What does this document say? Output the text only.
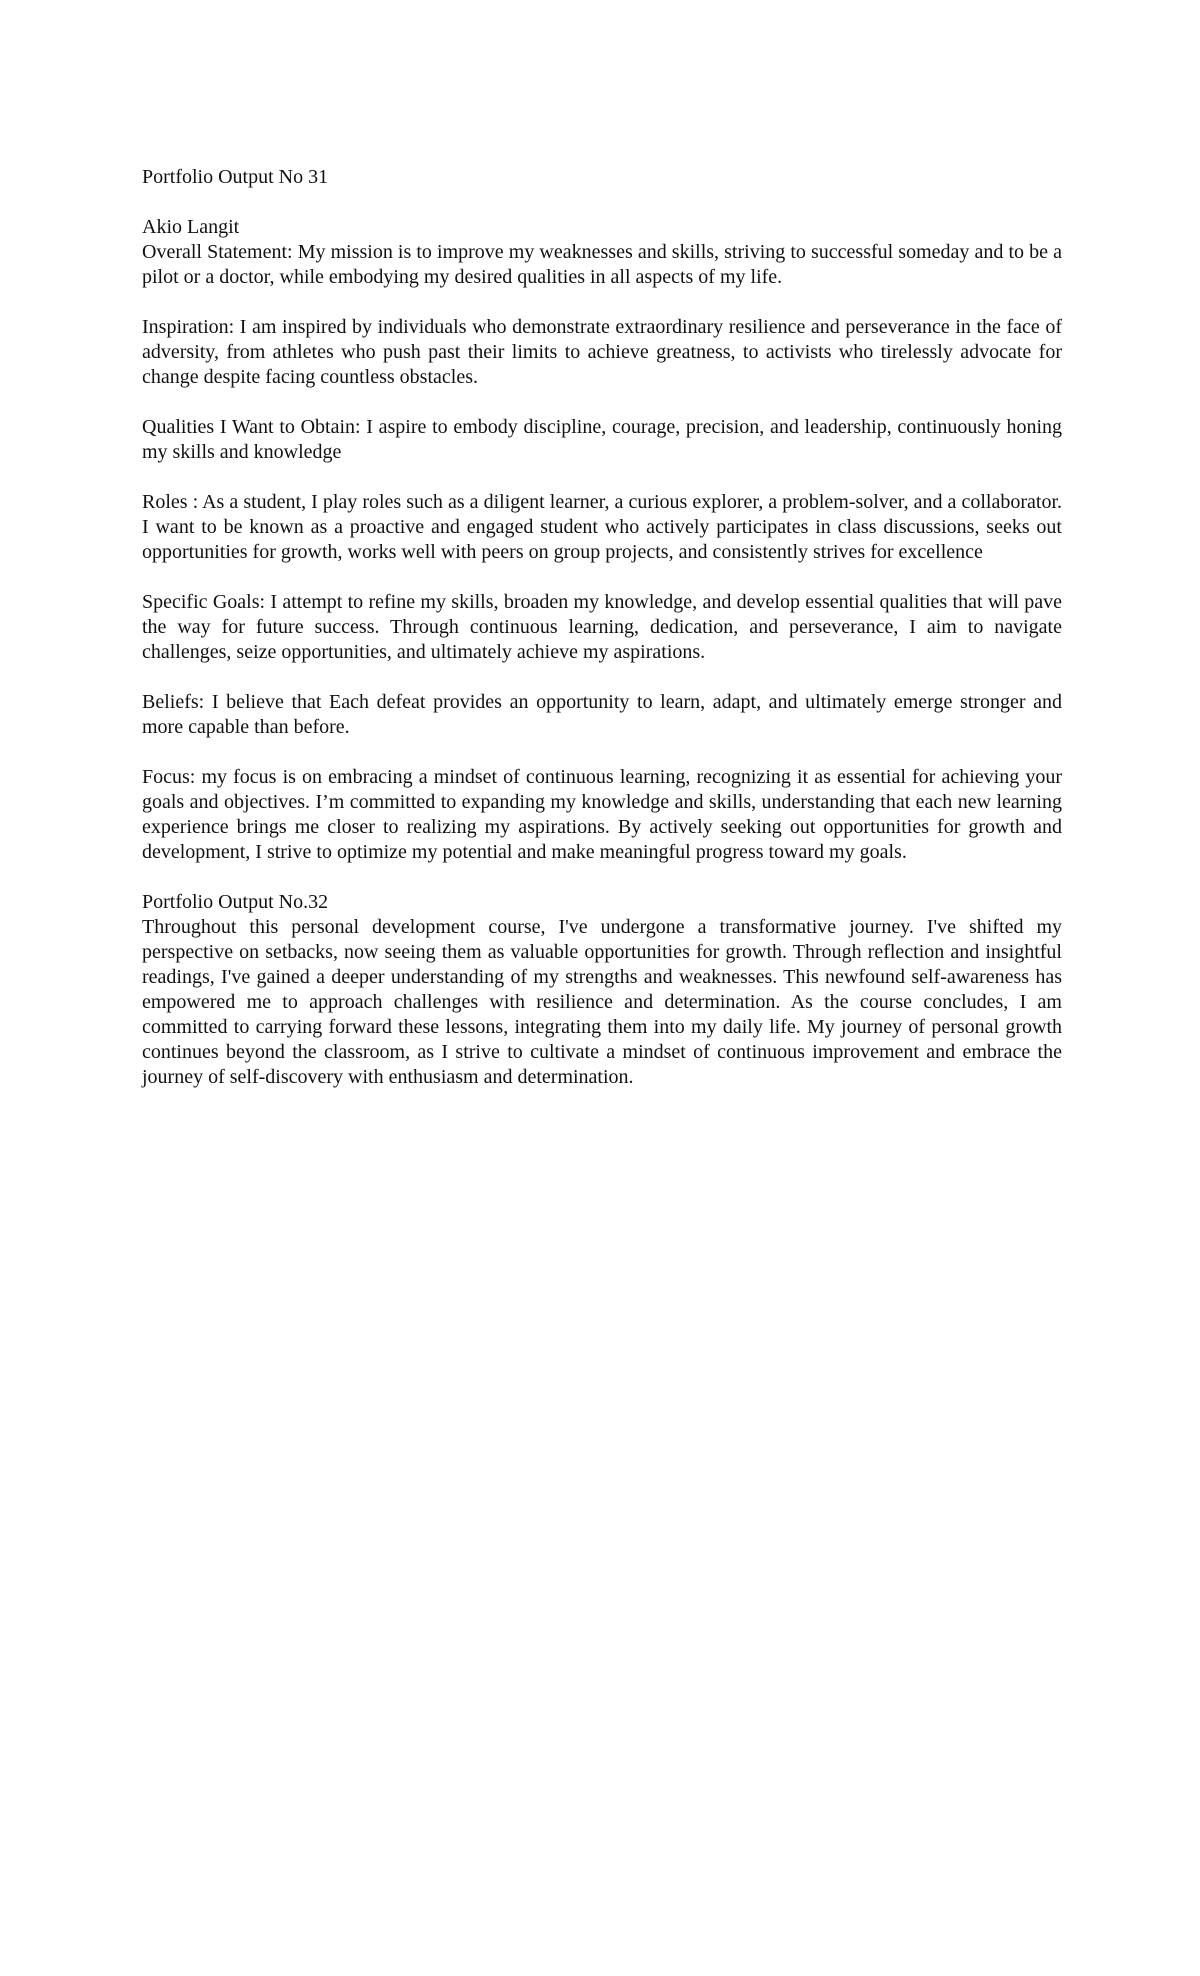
Portfolio Output No 31

Akio Langit

Overall Statement: My mission is to improve my weaknesses and skills, striving to successful someday and to be a pilot or a doctor, while embodying my desired qualities in all aspects of my life.

Inspiration: I am inspired by individuals who demonstrate extraordinary resilience and perseverance in the face of adversity, from athletes who push past their limits to achieve greatness, to activists who tirelessly advocate for change despite facing countless obstacles.

Qualities I Want to Obtain: I aspire to embody discipline, courage, precision, and leadership, continuously honing my skills and knowledge

Roles : As a student, I play roles such as a diligent learner, a curious explorer, a problem-solver, and a collaborator. I want to be known as a proactive and engaged student who actively participates in class discussions, seeks out opportunities for growth, works well with peers on group projects, and consistently strives for excellence

Specific Goals: I attempt to refine my skills, broaden my knowledge, and develop essential qualities that will pave the way for future success. Through continuous learning, dedication, and perseverance, I aim to navigate challenges, seize opportunities, and ultimately achieve my aspirations.

Beliefs: I believe that Each defeat provides an opportunity to learn, adapt, and ultimately emerge stronger and more capable than before.

Focus: my focus is on embracing a mindset of continuous learning, recognizing it as essential for achieving your goals and objectives. I’m committed to expanding my knowledge and skills, understanding that each new learning experience brings me closer to realizing my aspirations. By actively seeking out opportunities for growth and development, I strive to optimize my potential and make meaningful progress toward my goals.

Portfolio Output No.32

Throughout this personal development course, I've undergone a transformative journey. I've shifted my perspective on setbacks, now seeing them as valuable opportunities for growth. Through reflection and insightful readings, I've gained a deeper understanding of my strengths and weaknesses. This newfound self-awareness has empowered me to approach challenges with resilience and determination. As the course concludes, I am committed to carrying forward these lessons, integrating them into my daily life. My journey of personal growth continues beyond the classroom, as I strive to cultivate a mindset of continuous improvement and embrace the journey of self-discovery with enthusiasm and determination.
